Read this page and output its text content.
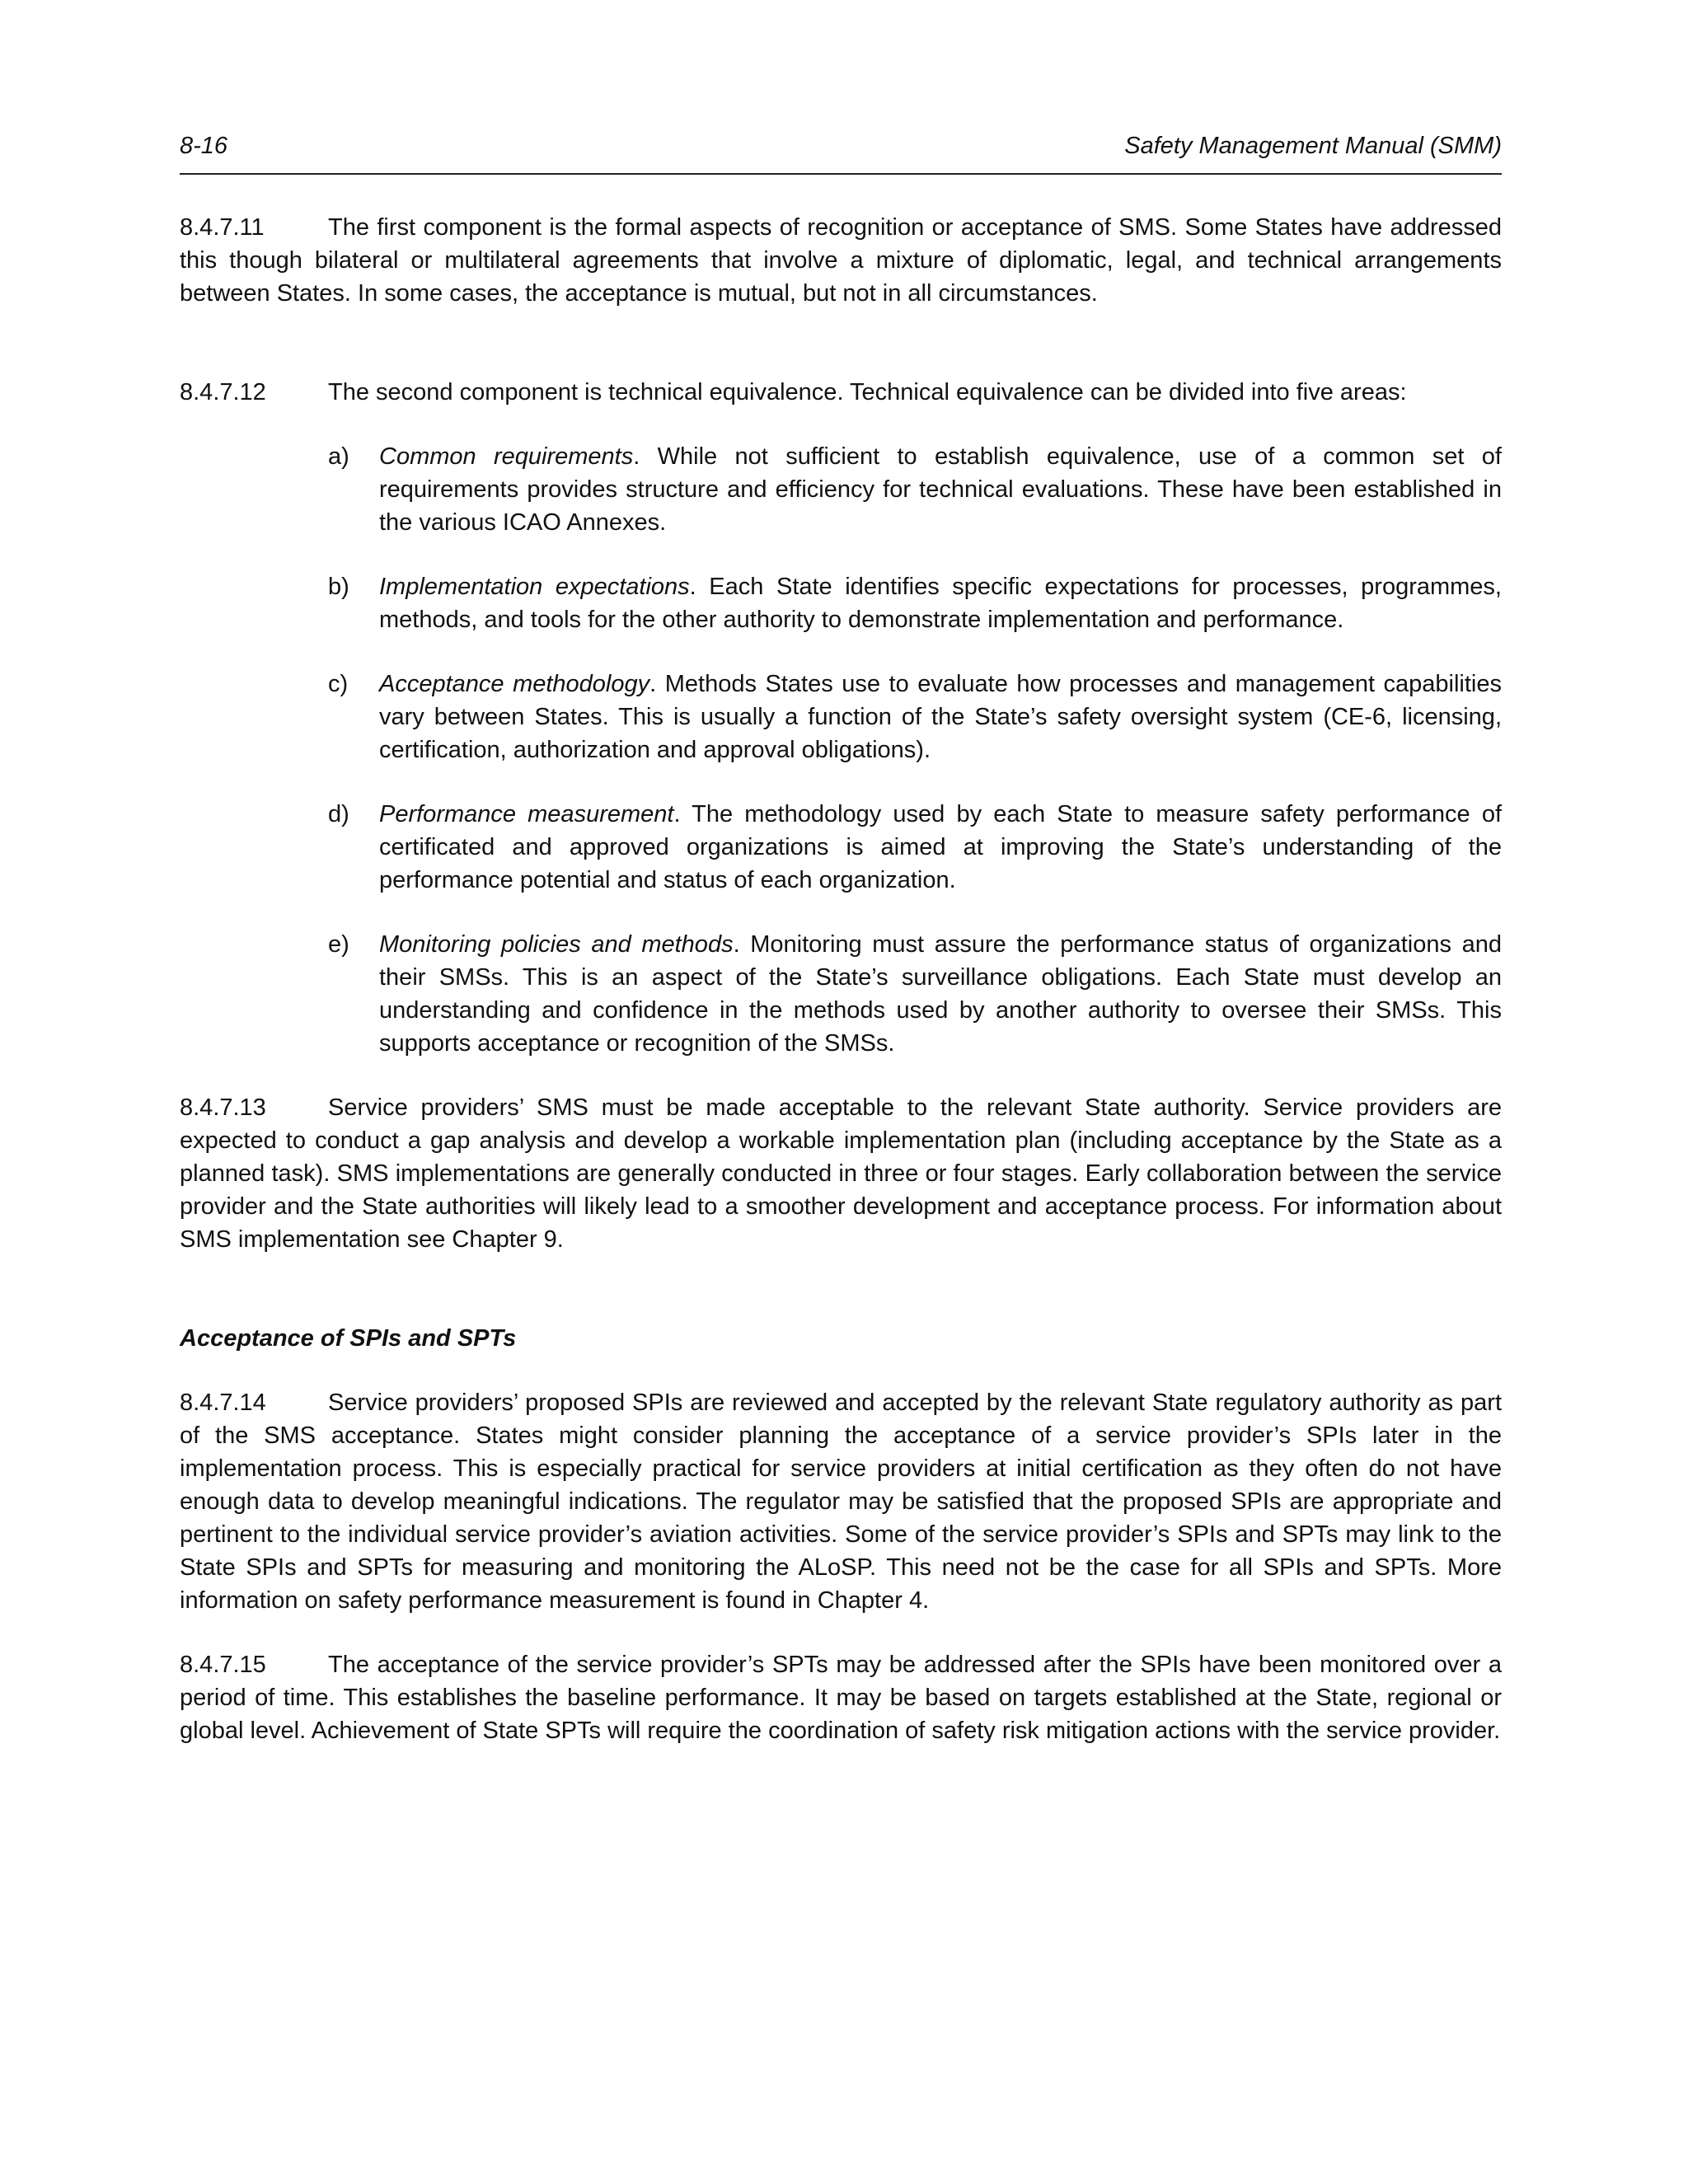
8-16	Safety Management Manual (SMM)

8.4.7.11	The first component is the formal aspects of recognition or acceptance of SMS. Some States have addressed this though bilateral or multilateral agreements that involve a mixture of diplomatic, legal, and technical arrangements between States. In some cases, the acceptance is mutual, but not in all circumstances.

8.4.7.12	The second component is technical equivalence. Technical equivalence can be divided into five areas:

a) Common requirements. While not sufficient to establish equivalence, use of a common set of requirements provides structure and efficiency for technical evaluations. These have been established in the various ICAO Annexes.

b) Implementation expectations. Each State identifies specific expectations for processes, programmes, methods, and tools for the other authority to demonstrate implementation and performance.

c) Acceptance methodology. Methods States use to evaluate how processes and management capabilities vary between States. This is usually a function of the State’s safety oversight system (CE-6, licensing, certification, authorization and approval obligations).

d) Performance measurement. The methodology used by each State to measure safety performance of certificated and approved organizations is aimed at improving the State’s understanding of the performance potential and status of each organization.

e) Monitoring policies and methods. Monitoring must assure the performance status of organizations and their SMSs. This is an aspect of the State’s surveillance obligations. Each State must develop an understanding and confidence in the methods used by another authority to oversee their SMSs. This supports acceptance or recognition of the SMSs.

8.4.7.13	Service providers’ SMS must be made acceptable to the relevant State authority. Service providers are expected to conduct a gap analysis and develop a workable implementation plan (including acceptance by the State as a planned task). SMS implementations are generally conducted in three or four stages. Early collaboration between the service provider and the State authorities will likely lead to a smoother development and acceptance process. For information about SMS implementation see Chapter 9.

Acceptance of SPIs and SPTs

8.4.7.14	Service providers’ proposed SPIs are reviewed and accepted by the relevant State regulatory authority as part of the SMS acceptance. States might consider planning the acceptance of a service provider’s SPIs later in the implementation process. This is especially practical for service providers at initial certification as they often do not have enough data to develop meaningful indications. The regulator may be satisfied that the proposed SPIs are appropriate and pertinent to the individual service provider’s aviation activities. Some of the service provider’s SPIs and SPTs may link to the State SPIs and SPTs for measuring and monitoring the ALoSP. This need not be the case for all SPIs and SPTs. More information on safety performance measurement is found in Chapter 4.

8.4.7.15	The acceptance of the service provider’s SPTs may be addressed after the SPIs have been monitored over a period of time. This establishes the baseline performance. It may be based on targets established at the State, regional or global level. Achievement of State SPTs will require the coordination of safety risk mitigation actions with the service provider.
